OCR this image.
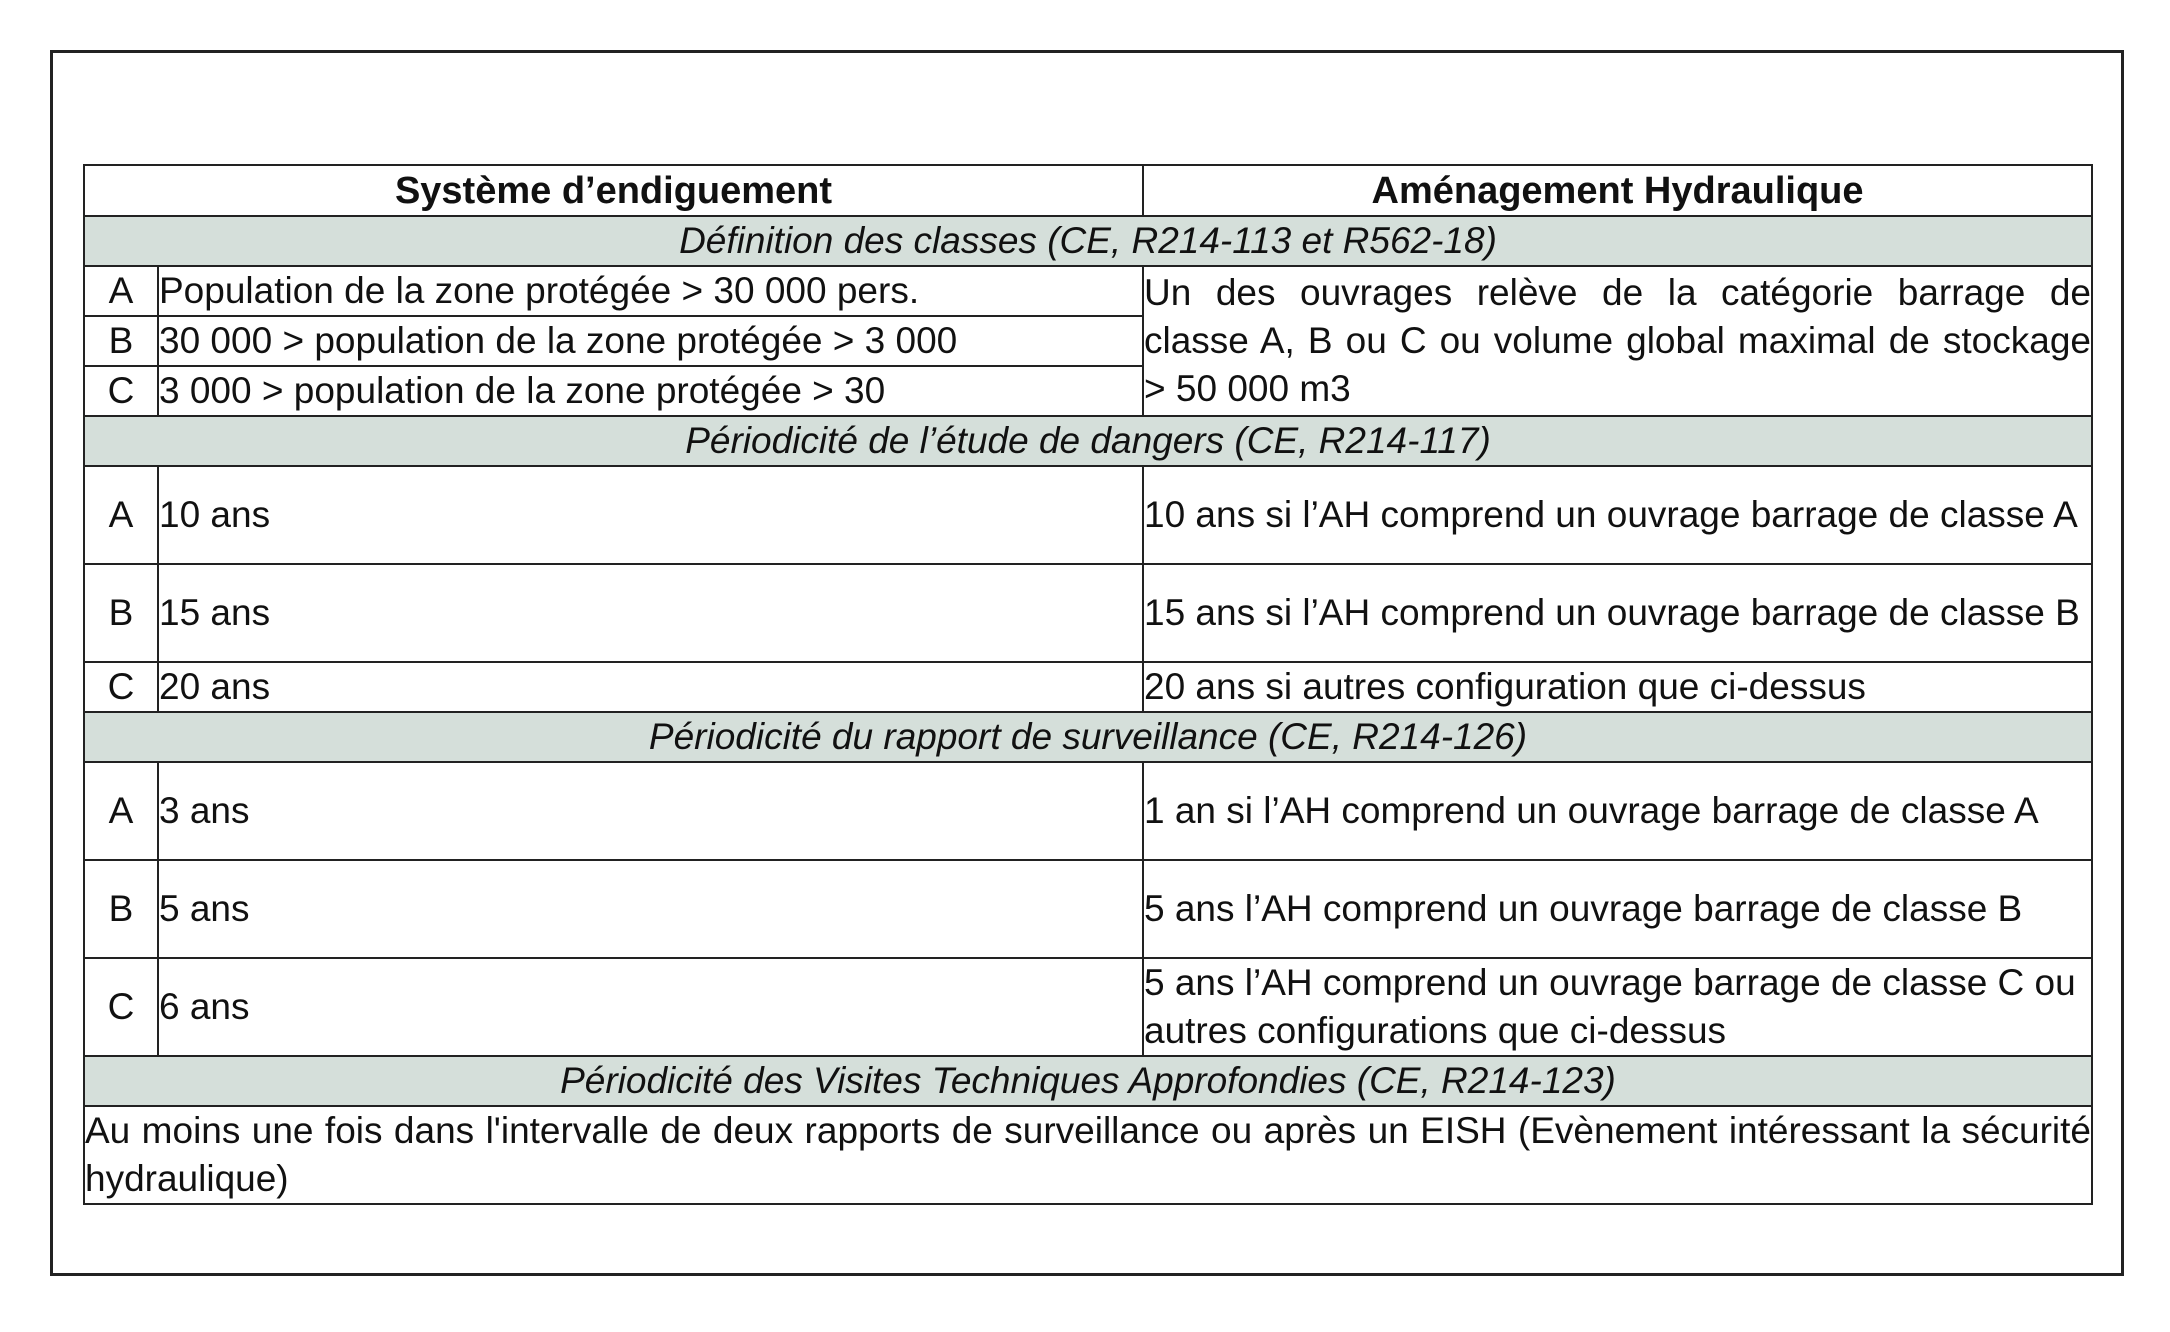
Système d’endiguement		Aménagement Hydraulique
Définition des classes (CE, R214-113 et R562-18)		
A	Population de la zone protégée > 30 000 pers.	Un des ouvrages relève de la catégorie barrage de classe A, B ou C ou volume global maximal de stockage > 50 000 m3
B	30 000 > population de la zone protégée > 3 000	
C	3 000 > population de la zone protégée > 30	
Périodicité de l’étude de dangers (CE, R214-117)		
A	10 ans	10 ans si l’AH comprend un ouvrage barrage de classe A
B	15 ans	15 ans si l’AH comprend un ouvrage barrage de classe B
C	20 ans	20 ans si autres configuration que ci-dessus
Périodicité du rapport de surveillance (CE, R214-126)		
A	3 ans	1 an si l’AH comprend un ouvrage barrage de classe A
B	5 ans	5 ans l’AH comprend un ouvrage barrage de classe B
C	6 ans	5 ans l’AH comprend un ouvrage barrage de classe C ou autres configurations que ci-dessus
Périodicité des Visites Techniques Approfondies (CE, R214-123)		
Au moins une fois dans l'intervalle de deux rapports de surveillance ou après un EISH (Evènement intéressant la sécurité hydraulique)		
